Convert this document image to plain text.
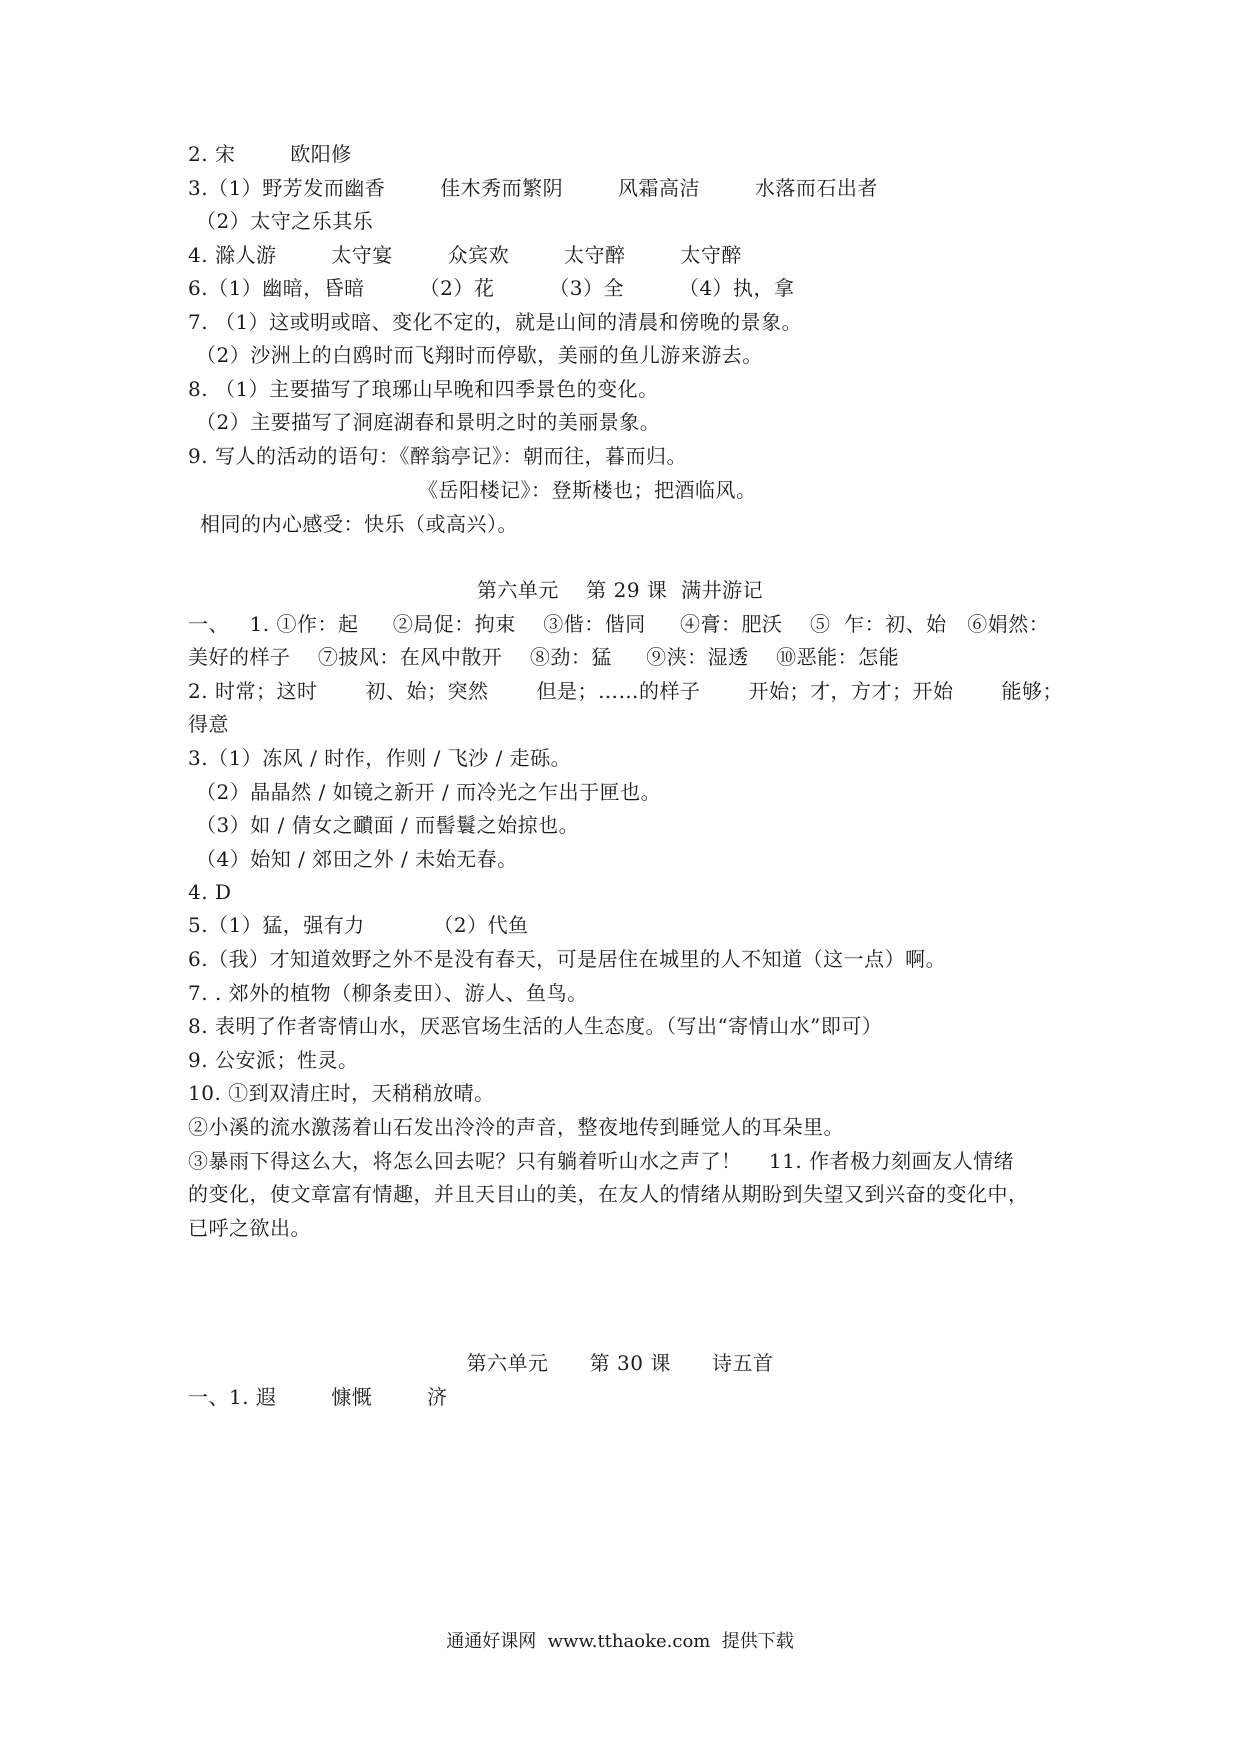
2. 宋        欧阳修
3.（1）野芳发而幽香        佳木秀而繁阴        风霜高洁        水落而石出者
（2）太守之乐其乐
4. 滁人游        太守宴        众宾欢        太守醉        太守醉
6.（1）幽暗，昏暗        （2）花        （3）全        （4）执，拿
7. （1）这或明或暗、变化不定的，就是山间的清晨和傍晚的景象。
（2）沙洲上的白鸥时而飞翔时而停歇，美丽的鱼儿游来游去。
8. （1）主要描写了琅琊山早晚和四季景色的变化。
（2）主要描写了洞庭湖春和景明之时的美丽景象。
9. 写人的活动的语句：《醉翁亭记》：朝而往，暮而归。
《岳阳楼记》：登斯楼也；把酒临风。
相同的内心感受：快乐（或高兴）。
第六单元    第 29 课  满井游记
一、   1. ①作：起     ②局促：拘束    ③偕：偕同     ④膏：肥沃    ⑤  乍：初、始   ⑥娟然：
美好的样子    ⑦披风：在风中散开    ⑧劲：猛     ⑨浃：湿透    ⑩恶能：怎能
2. 时常；这时       初、始；突然       但是；……的样子       开始；才，方才；开始       能够；
得意
3.（1）冻风 / 时作，作则 / 飞沙 / 走砾。
（2）晶晶然 / 如镜之新开 / 而冷光之乍出于匣也。
（3）如 / 倩女之靧面 / 而髻鬟之始掠也。
（4）始知 / 郊田之外 / 未始无春。
4. D
5.（1）猛，强有力          （2）代鱼
6.（我）才知道效野之外不是没有春天，可是居住在城里的人不知道（这一点）啊。
7. . 郊外的植物（柳条麦田）、游人、鱼鸟。
8. 表明了作者寄情山水，厌恶官场生活的人生态度。（写出“寄情山水”即可）
9. 公安派；性灵。
10. ①到双清庄时，天稍稍放晴。
②小溪的流水激荡着山石发出泠泠的声音，整夜地传到睡觉人的耳朵里。
③暴雨下得这么大，将怎么回去呢？只有躺着听山水之声了！    11. 作者极力刻画友人情绪
的变化，使文章富有情趣，并且天目山的美，在友人的情绪从期盼到失望又到兴奋的变化中，
已呼之欲出。
第六单元      第 30 课      诗五首
一、1. 遐        慷慨        济
通通好课网  www.tthaoke.com  提供下载
